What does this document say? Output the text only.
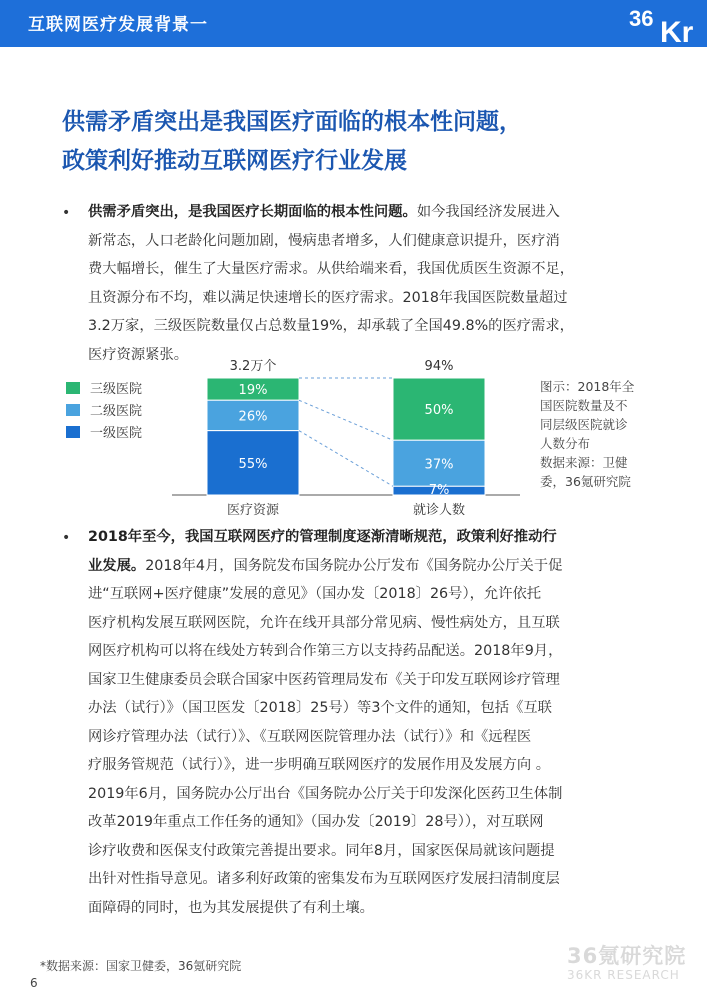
互联网医疗发展背景一	36 Kr
供需矛盾突出是我国医疗面临的根本性问题，
政策利好推动互联网医疗行业发展
• 供需矛盾突出，是我国医疗长期面临的根本性问题。如今我国经济发展进入
新常态，人口老龄化问题加剧，慢病患者增多，人们健康意识提升，医疗消
费大幅增长，催生了大量医疗需求。从供给端来看，我国优质医生资源不足，
且资源分布不均，难以满足快速增长的医疗需求。2018年我国医院数量超过
3.2万家，三级医院数量仅占总数量19%，却承载了全国49.8%的医疗需求，
医疗资源紧张。
三级医院
二级医院
一级医院
19%
26%
55%
3.2万个
医疗资源
50%
37%
7%
94%
就诊人数
图示：2018年全
国医院数量及不
同层级医院就诊
人数分布
数据来源：卫健
委，36氪研究院
• 2018年至今，我国互联网医疗的管理制度逐渐清晰规范，政策利好推动行
业发展。2018年4月，国务院发布国务院办公厅发布《国务院办公厅关于促
进“互联网+医疗健康”发展的意见》（国办发〔2018〕26号），允许依托
医疗机构发展互联网医院，允许在线开具部分常见病、慢性病处方，且互联
网医疗机构可以将在线处方转到合作第三方以支持药品配送。2018年9月，
国家卫生健康委员会联合国家中医药管理局发布《关于印发互联网诊疗管理
办法（试行）》（国卫医发〔2018〕25号）等3个文件的通知，包括《互联
网诊疗管理办法（试行）》、《互联网医院管理办法（试行）》和《远程医
疗服务管规范（试行）》，进一步明确互联网医疗的发展作用及发展方向 。
2019年6月，国务院办公厅出台《国务院办公厅关于印发深化医药卫生体制
改革2019年重点工作任务的通知》（国办发〔2019〕28号）），对互联网
诊疗收费和医保支付政策完善提出要求。同年8月，国家医保局就该问题提
出针对性指导意见。诸多利好政策的密集发布为互联网医疗发展扫清制度层
面障碍的同时，也为其发展提供了有利土壤。
*数据来源：国家卫健委，36氪研究院
6
36氪研究院
36KR RESEARCH
